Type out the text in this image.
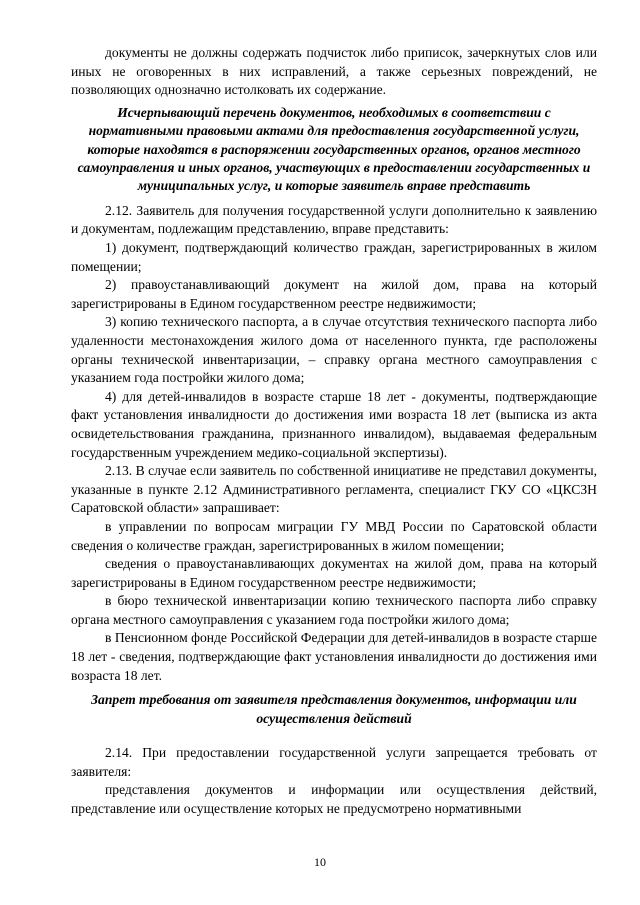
документы не должны содержать подчисток либо приписок, зачеркнутых слов или иных не оговоренных в них исправлений, а также серьезных повреждений, не позволяющих однозначно истолковать их содержание.

Исчерпывающий перечень документов, необходимых в соответствии с нормативными правовыми актами для предоставления государственной услуги, которые находятся в распоряжении государственных органов, органов местного самоуправления и иных органов, участвующих в предоставлении государственных и муниципальных услуг, и которые заявитель вправе представить

2.12. Заявитель для получения государственной услуги дополнительно к заявлению и документам, подлежащим представлению, вправе представить:

1) документ, подтверждающий количество граждан, зарегистрированных в жилом помещении;

2) правоустанавливающий документ на жилой дом, права на который зарегистрированы в Едином государственном реестре недвижимости;

3) копию технического паспорта, а в случае отсутствия технического паспорта либо удаленности местонахождения жилого дома от населенного пункта, где расположены органы технической инвентаризации, – справку органа местного самоуправления с указанием года постройки жилого дома;

4) для детей-инвалидов в возрасте старше 18 лет - документы, подтверждающие факт установления инвалидности до достижения ими возраста 18 лет (выписка из акта освидетельствования гражданина, признанного инвалидом), выдаваемая федеральным государственным учреждением медико-социальной экспертизы).

2.13. В случае если заявитель по собственной инициативе не представил документы, указанные в пункте 2.12 Административного регламента, специалист ГКУ СО «ЦКСЗН Саратовской области» запрашивает:

в управлении по вопросам миграции ГУ МВД России по Саратовской области сведения о количестве граждан, зарегистрированных в жилом помещении;

сведения о правоустанавливающих документах на жилой дом, права на который зарегистрированы в Едином государственном реестре недвижимости;

в бюро технической инвентаризации копию технического паспорта либо справку органа местного самоуправления с указанием года постройки жилого дома;

в Пенсионном фонде Российской Федерации для детей-инвалидов в возрасте старше 18 лет - сведения, подтверждающие факт установления инвалидности до достижения ими возраста 18 лет.

Запрет требования от заявителя представления документов, информации или осуществления действий

2.14. При предоставлении государственной услуги запрещается требовать от заявителя:

представления документов и информации или осуществления действий, представление или осуществление которых не предусмотрено нормативными

10
